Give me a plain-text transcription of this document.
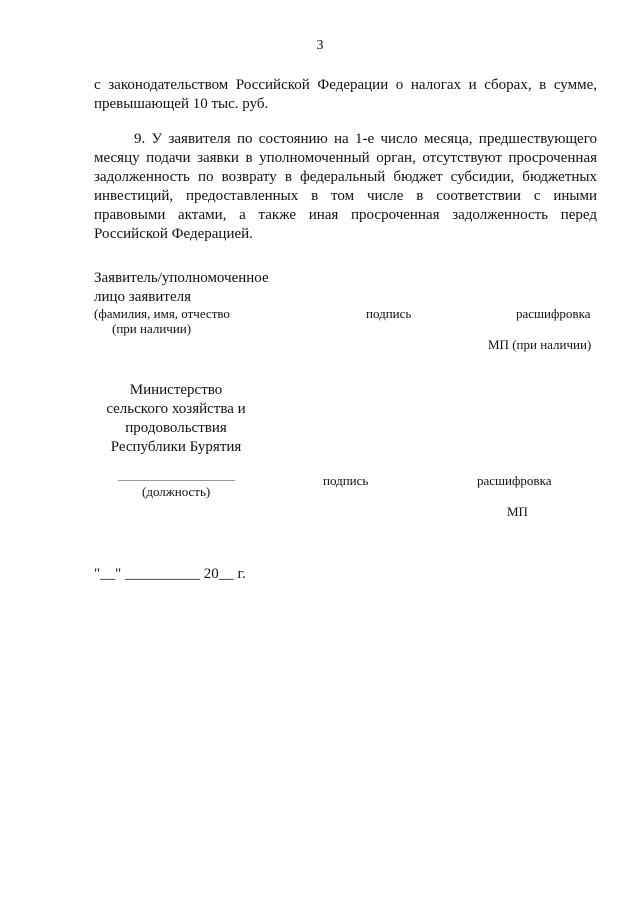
3
с законодательством Российской Федерации о налогах и сборах, в сумме,
превышающей 10 тыс. руб.
9. У заявителя по состоянию на 1-е число месяца, предшествующего
месяцу подачи заявки в уполномоченный орган, отсутствуют просроченная
задолженность по возврату в федеральный бюджет субсидии, бюджетных
инвестиций, предоставленных в том числе в соответствии с иными
правовыми актами, а также иная просроченная задолженность перед
Российской Федерацией.
Заявитель/уполномоченное
лицо заявителя
(фамилия, имя, отчество
(при наличии)
подпись	расшифровка
МП (при наличии)
Министерство
сельского хозяйства и
продовольствия
Республики Бурятия
(должность)
подпись	расшифровка
МП
"__" __________ 20__ г.
